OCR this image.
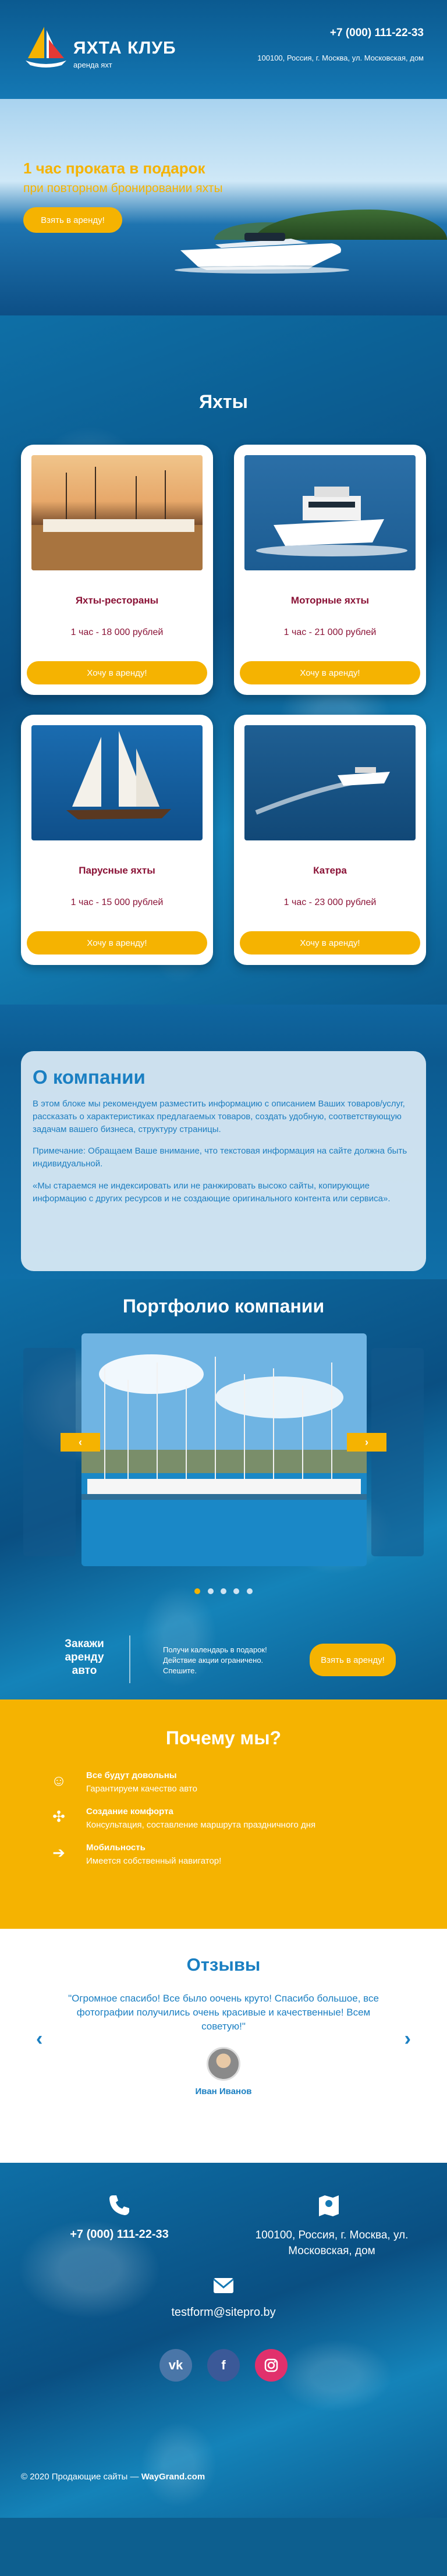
ЯХТА КЛУБ
аренда яхт
+7 (000) 111-22-33
100100, Россия, г. Москва, ул. Московская, дом
1 час проката в подарок
при повторном бронировании яхты
Взять в аренду!
Яхты
Яхты-рестораны
1 час - 18 000 рублей
Хочу в аренду!
Моторные яхты
1 час - 21 000 рублей
Хочу в аренду!
Парусные яхты
1 час - 15 000 рублей
Хочу в аренду!
Катера
1 час - 23 000 рублей
Хочу в аренду!
О компании

В этом блоке мы рекомендуем разместить информацию с описанием Ваших товаров/услуг, рассказать о характеристиках предлагаемых товаров, создать удобную, соответствующую задачам вашего бизнеса, структуру страницы.

Примечание: Обращаем Ваше внимание, что текстовая информация на сайте должна быть индивидуальной.

«Мы стараемся не индексировать или не ранжировать высоко сайты, копирующие информацию с других ресурсов и не создающие оригинального контента или сервиса».

Портфолио компании
‹	›

Закажи аренду авто
Получи календарь в подарок! Действие акции ограничено. Спешите.
Взять в аренду!
Почему мы?
☺ Все будут довольны
Гарантируем качество авто
✣	Создание комфорта
Консультация, составление маршрута праздничного дня
➔	Мобильность
Имеется собственный навигатор!
Отзывы
"Огромное спасибо! Все было оочень круто! Спасибо большое, все фотографии получились очень красивые и качественные! Всем советую!"
‹	›
Иван Иванов
+7 (000) 111-22-33	100100, Россия, г. Москва, ул. Московская, дом
testform@sitepro.by
vk	f
© 2020 Продающие сайты — WayGrand.com
